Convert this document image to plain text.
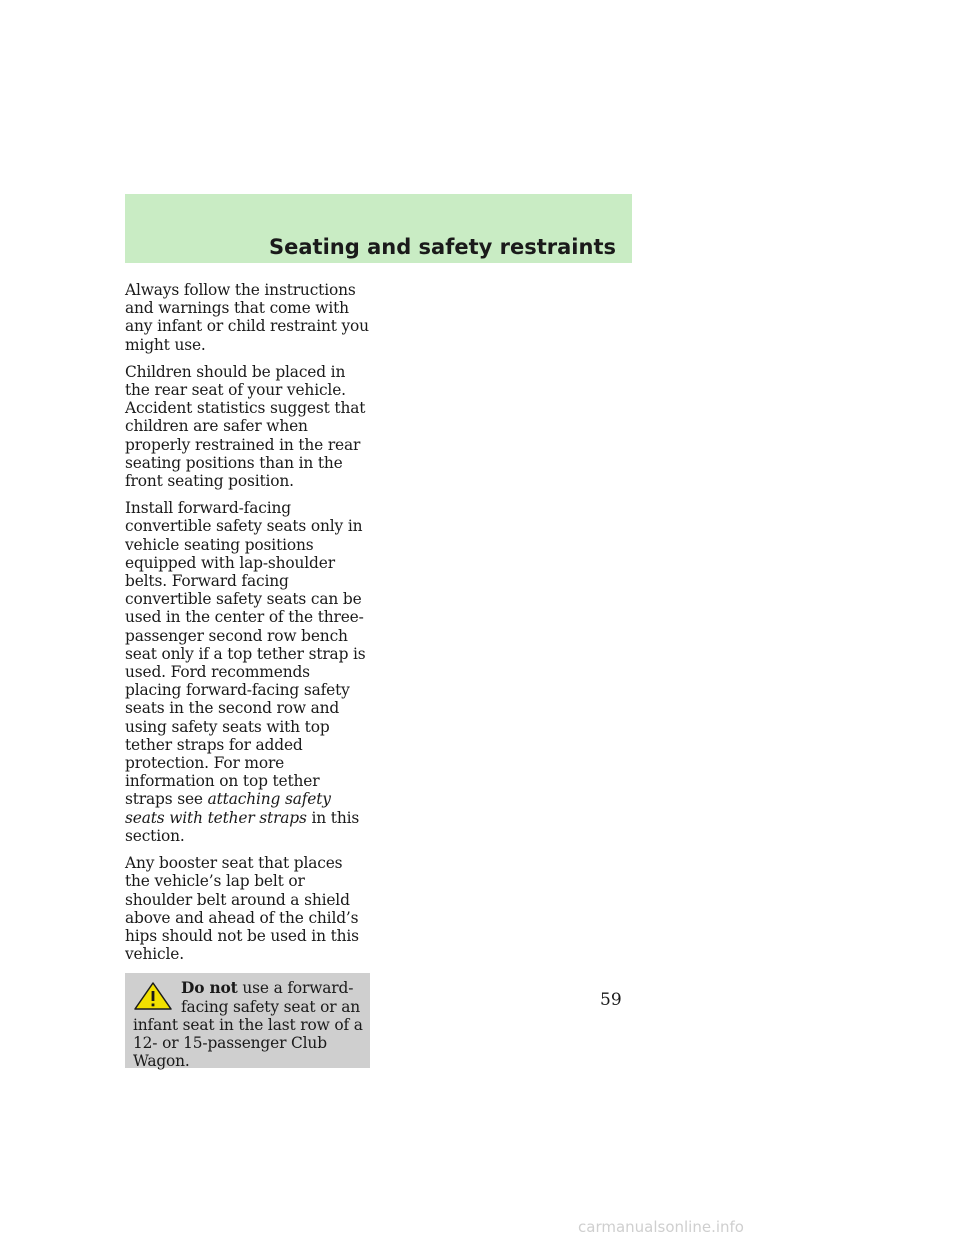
Seating and safety restraints

Always follow the instructions and warnings that come with any infant or child restraint you might use.

Children should be placed in the rear seat of your vehicle. Accident statistics suggest that children are safer when properly restrained in the rear seating positions than in the front seating position.

Install forward-facing convertible safety seats only in vehicle seating positions equipped with lap-shoulder belts. Forward facing convertible safety seats can be used in the center of the three-passenger second row bench seat only if a top tether strap is used. Ford recommends placing forward-facing safety seats in the second row and using safety seats with top tether straps for added protection. For more information on top tether straps see attaching safety seats with tether straps in this section.

Any booster seat that places the vehicle’s lap belt or shoulder belt around a shield above and ahead of the child’s hips should not be used in this vehicle.

Do not use a forward-facing safety seat or an infant seat in the last row of a 12- or 15-passenger Club Wagon.
59
carmanualsonline.info
